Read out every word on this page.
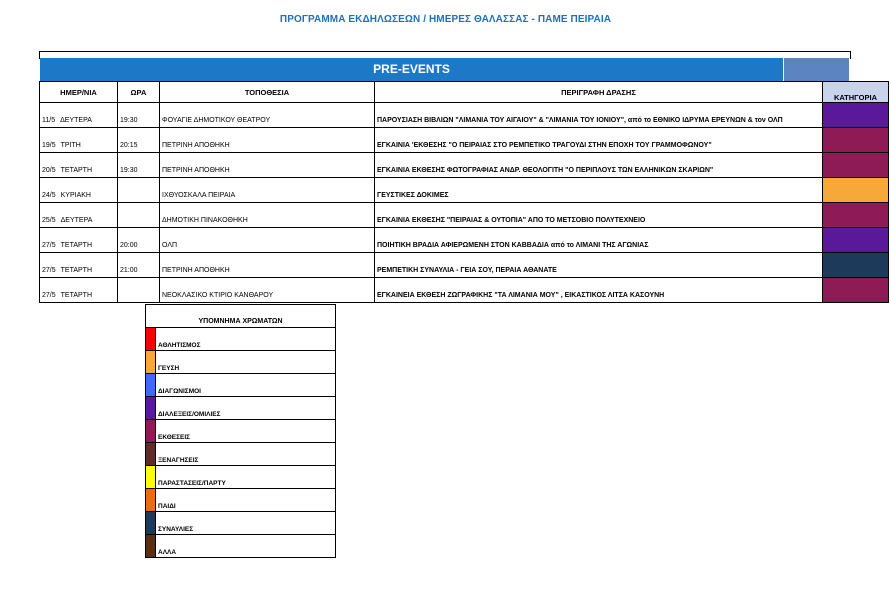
ΠΡΟΓΡΑΜΜΑ ΕΚΔΗΛΩΣΕΩΝ / ΗΜΕΡΕΣ ΘΑΛΑΣΣΑΣ - ΠΑΜΕ ΠΕΙΡΑΙΑ
PRE-EVENTS
ΗΜΕΡ/ΝΙΑ	ΩΡΑ	ΤΟΠΟΘΕΣΙΑ	ΠΕΡΙΓΡΑΦΗ ΔΡΑΣΗΣ	ΚΑΤΗΓΟΡΙΑ
11/5 ΔΕΥΤΕΡΑ	19:30	ΦΟΥΑΓΙΕ ΔΗΜΟΤΙΚΟΥ ΘΕΑΤΡΟΥ	ΠΑΡΟΥΣΙΑΣΗ ΒΙΒΛΙΩΝ "ΛΙΜΑΝΙΑ ΤΟΥ ΑΙΓΑΙΟΥ" & "ΛΙΜΑΝΙΑ ΤΟΥ ΙΟΝΙΟΥ", από το ΕΘΝΙΚΟ ΙΔΡΥΜΑ ΕΡΕΥΝΩΝ & τον ΟΛΠ	
19/5 ΤΡΙΤΗ	20:15	ΠΕΤΡΙΝΗ ΑΠΟΘΗΚΗ	ΕΓΚΑΙΝΙΑ 'ΕΚΘΕΣΗΣ "Ο ΠΕΙΡΑΙΑΣ ΣΤΟ ΡΕΜΠΕΤΙΚΟ ΤΡΑΓΟΥΔΙ ΣΤΗΝ ΕΠΟΧΗ ΤΟΥ ΓΡΑΜΜΟΦΩΝΟΥ"	
20/5 ΤΕΤΑΡΤΗ	19:30	ΠΕΤΡΙΝΗ ΑΠΟΘΗΚΗ	ΕΓΚΑΙΝΙΑ ΕΚΘΕΣΗΣ ΦΩΤΟΓΡΑΦΙΑΣ ΑΝΔΡ. ΘΕΟΛΟΓΙΤΗ "Ο ΠΕΡΙΠΛΟΥΣ ΤΩΝ ΕΛΛΗΝΙΚΩΝ ΣΚΑΡΙΩΝ"	
24/5 ΚΥΡΙΑΚΗ		ΙΧΘΥΟΣΚΑΛΑ ΠΕΙΡΑΙΑ	ΓΕΥΣΤΙΚΕΣ ΔΟΚΙΜΕΣ	
25/5 ΔΕΥΤΕΡΑ		ΔΗΜΟΤΙΚΗ ΠΙΝΑΚΟΘΗΚΗ	ΕΓΚΑΙΝΙΑ ΕΚΘΕΣΗΣ "ΠΕΙΡΑΙΑΣ & ΟΥΤΟΠΙΑ" ΑΠΟ ΤΟ ΜΕΤΣΟΒΙΟ ΠΟΛΥΤΕΧΝΕΙΟ	
27/5 ΤΕΤΑΡΤΗ	20:00	ΟΛΠ	ΠΟΙΗΤΙΚΗ ΒΡΑΔΙΑ ΑΦΙΕΡΩΜΕΝΗ ΣΤΟΝ ΚΑΒΒΑΔΙΑ από το ΛΙΜΑΝΙ ΤΗΣ ΑΓΩΝΙΑΣ	
27/5 ΤΕΤΑΡΤΗ	21:00	ΠΕΤΡΙΝΗ ΑΠΟΘΗΚΗ	ΡΕΜΠΕΤΙΚΗ ΣΥΝΑΥΛΙΑ - ΓΕΙΑ ΣΟΥ, ΠΕΡΑΙΑ ΑΘΑΝΑΤΕ	
27/5 ΤΕΤΑΡΤΗ		ΝΕΟΚΛΑΣΙΚΟ ΚΤΙΡΙΟ ΚΑΝΘΑΡΟΥ	ΕΓΚΑΙΝΕΙΑ ΕΚΘΕΣΗ ΖΩΓΡΑΦΙΚΗΣ "ΤΑ ΛΙΜΑΝΙΑ ΜΟΥ" , ΕΙΚΑΣΤΙΚΟΣ ΛΙΤΣΑ ΚΑΣΟΥΝΗ	
ΥΠΟΜΝΗΜΑ ΧΡΩΜΑΤΩΝ	
	ΑΘΛΗΤΙΣΜΟΣ
	ΓΕΥΣΗ
	ΔΙΑΓΩΝΙΣΜΟΙ
	ΔΙΑΛΕΞΕΙΣ/ΟΜΙΛΙΕΣ
	ΕΚΘΕΣΕΙΣ
	ΞΕΝΑΓΗΣΕΙΣ
	ΠΑΡΑΣΤΑΣΕΙΣ/ΠΑΡΤΥ
	ΠΑΙΔΙ
	ΣΥΝΑΥΛΙΕΣ
	ΑΛΛΑ
